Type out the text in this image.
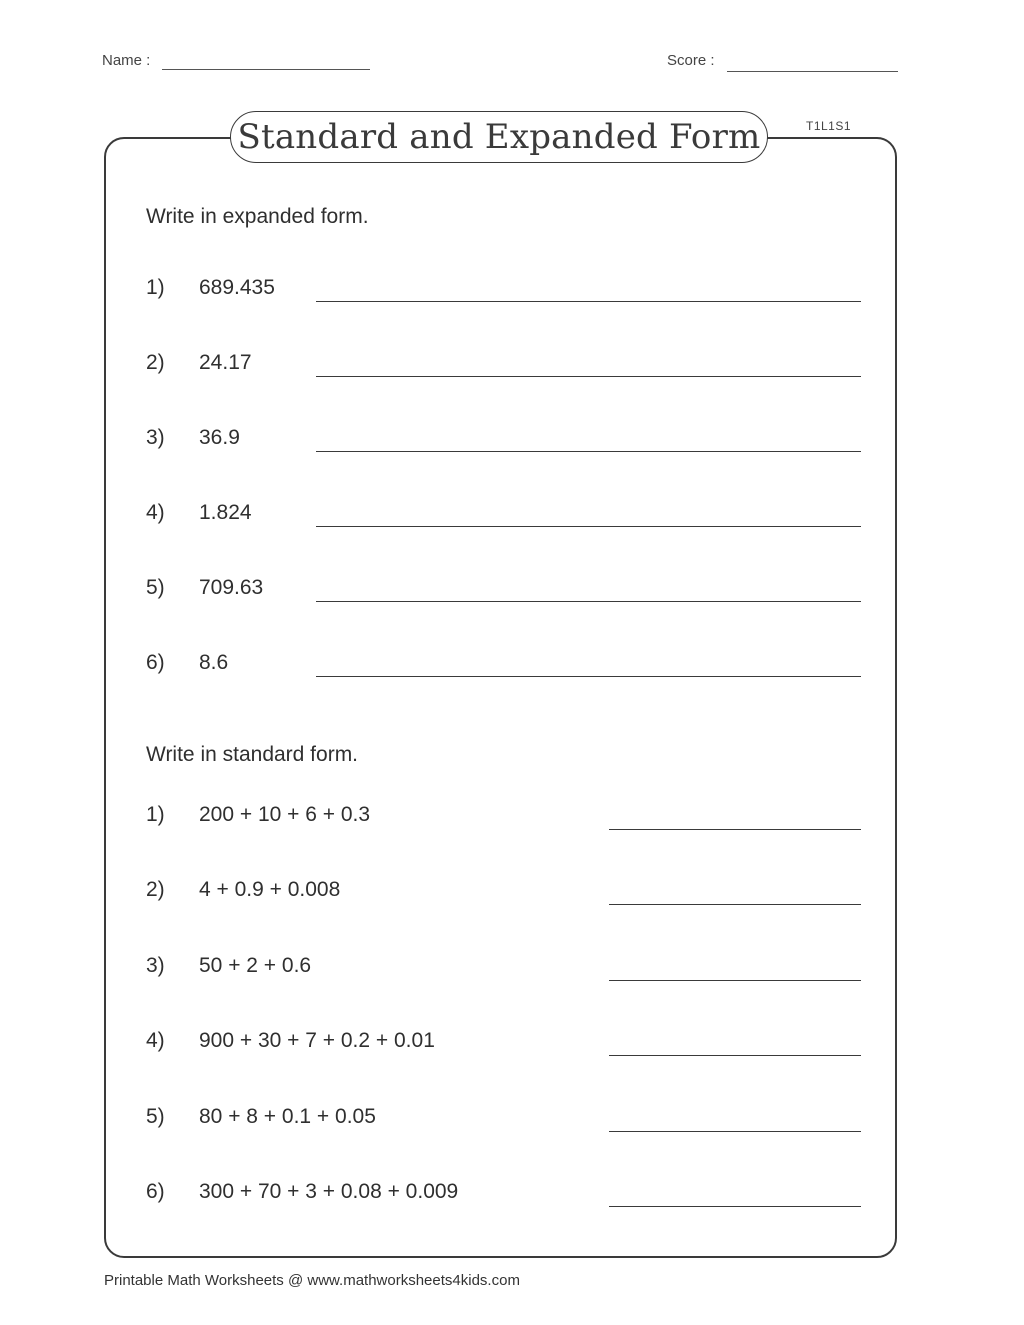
Name :	Score :
Standard and Expanded Form	T1L1S1
Write in expanded form.
1) 689.435
2) 24.17
3) 36.9
4) 1.824
5) 709.63
6) 8.6
Write in standard form.
1) 200 + 10 + 6 + 0.3
2) 4 + 0.9 + 0.008
3) 50 + 2 + 0.6
4) 900 + 30 + 7 + 0.2 + 0.01
5) 80 + 8 + 0.1 + 0.05
6) 300 + 70 + 3 + 0.08 + 0.009
Printable Math Worksheets @ www.mathworksheets4kids.com
